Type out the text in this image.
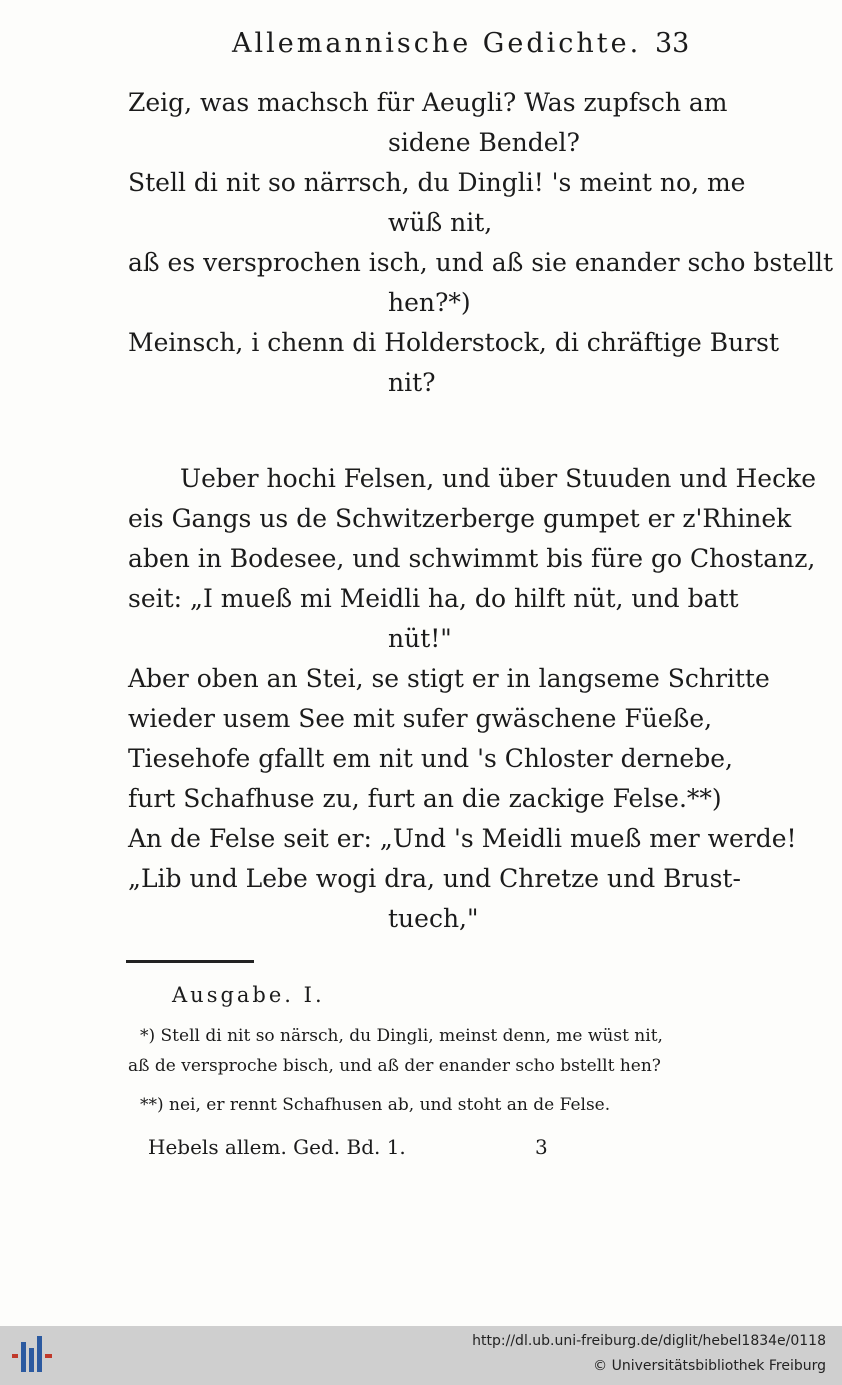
Allemannische Gedichte. 33
Zeig, was machsch für Aeugli? Was zupfsch am
sidene Bendel?
Stell di nit so närrsch, du Dingli! 's meint no, me
wüß nit,
aß es versprochen isch, und aß sie enander scho bstellt
hen?*)
Meinsch, i chenn di Holderstock, di chräftige Burst
nit?
Ueber hochi Felsen, und über Stuuden und Hecke
eis Gangs us de Schwitzerberge gumpet er z'Rhinek
aben in Bodesee, und schwimmt bis füre go Chostanz,
seit: „I mueß mi Meidli ha, do hilft nüt, und batt
nüt!"
Aber oben an Stei, se stigt er in langseme Schritte
wieder usem See mit sufer gwäschene Füeße,
Tiesehofe gfallt em nit und 's Chloster dernebe,
furt Schafhuse zu, furt an die zackige Felse.**)
An de Felse seit er: „Und 's Meidli mueß mer werde!
„Lib und Lebe wogi dra, und Chretze und Brust-
tuech,"
Ausgabe. I.
*) Stell di nit so närsch, du Dingli, meinst denn, me wüst nit,
aß de versproche bisch, und aß der enander scho bstellt hen?
**) nei, er rennt Schafhusen ab, und stoht an de Felse.
Hebels allem. Ged. Bd. 1.	3
http://dl.ub.uni-freiburg.de/diglit/hebel1834e/0118
© Universitätsbibliothek Freiburg
